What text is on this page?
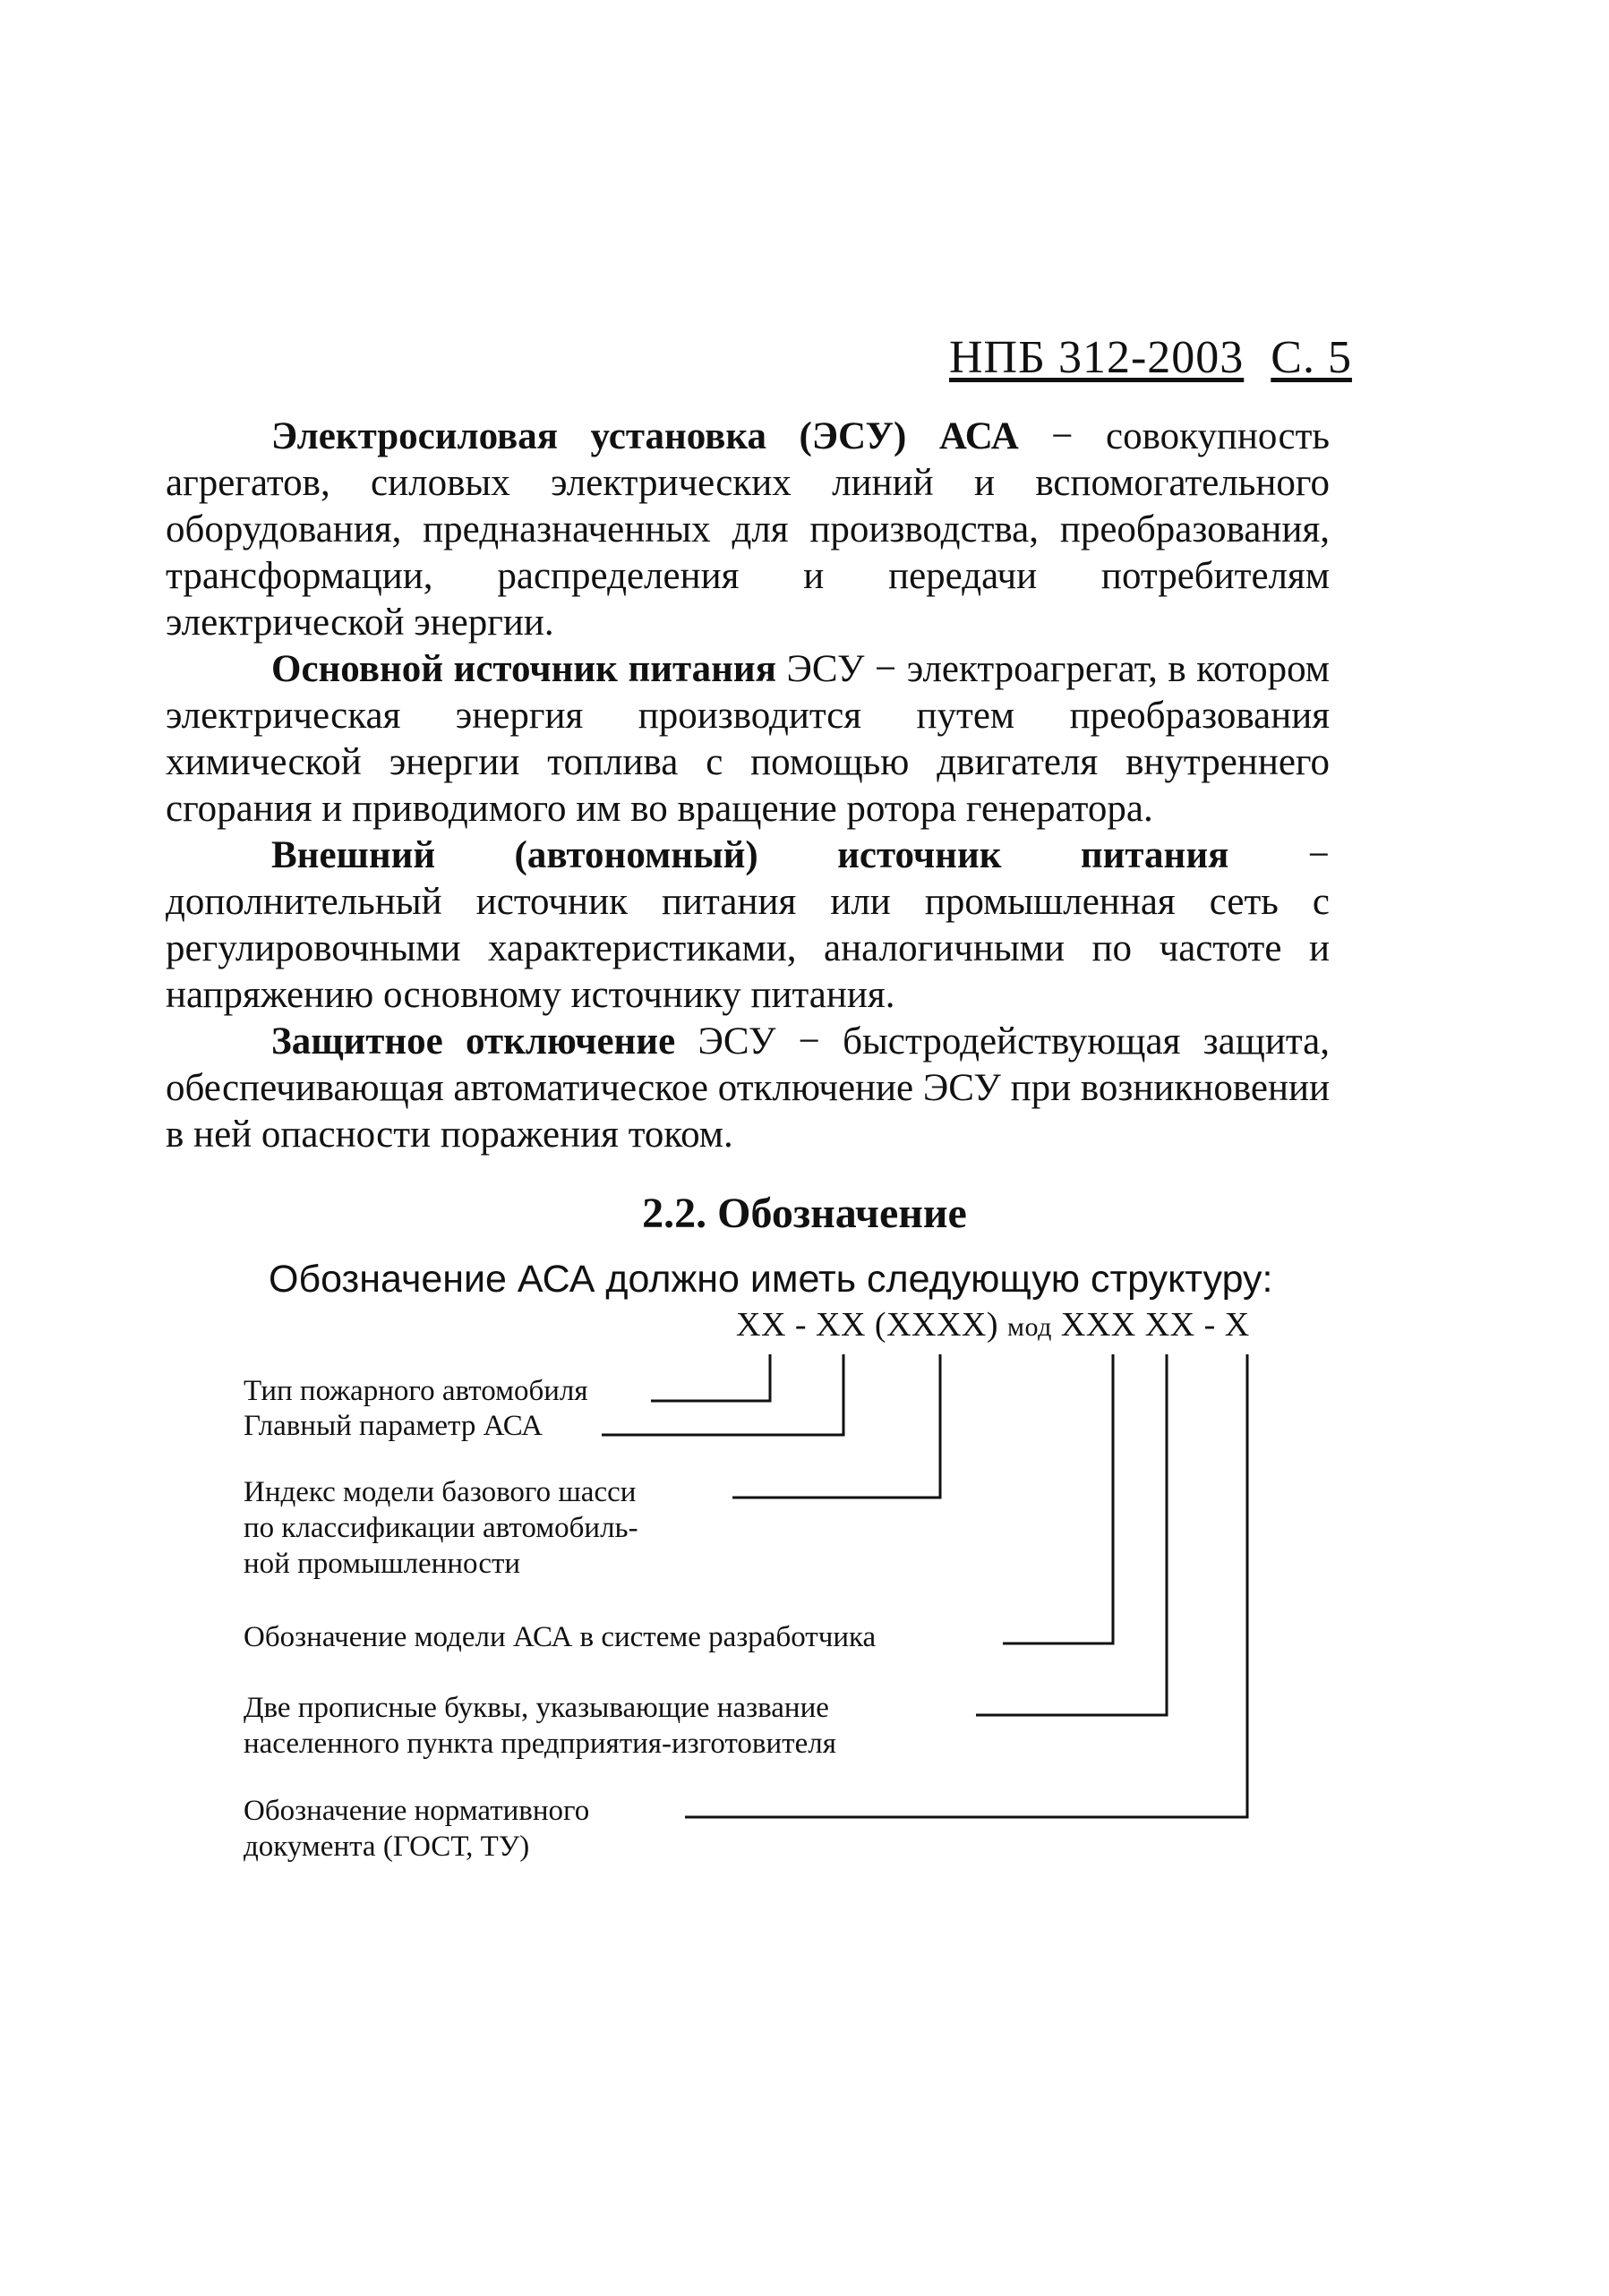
НПБ 312-2003 С. 5

Электросиловая установка (ЭСУ) АСА − совокупность агрегатов, силовых электрических линий и вспомогательного оборудования, предназначенных для производства, преобразования, трансформации, распределения и передачи потребителям электрической энергии.

Основной источник питания ЭСУ − электроагрегат, в котором электрическая энергия производится путем преобразования химической энергии топлива с помощью двигателя внутреннего сгорания и приводимого им во вращение ротора генератора.

Внешний (автономный) источник питания − дополнительный источник питания или промышленная сеть с регулировочными характеристиками, аналогичными по частоте и напряжению основному источнику питания.

Защитное отключение ЭСУ − быстродействующая защита, обеспечивающая автоматическое отключение ЭСУ при возникновении в ней опасности поражения током.

2.2. Обозначение
Обозначение АСА должно иметь следующую структуру:
XX - XX (XXXX) мод XXX XX - X
Тип пожарного автомобиля
Главный параметр АСА
Индекс модели базового шасси
по классификации автомобиль-
ной промышленности
Обозначение модели АСА в системе разработчика
Две прописные буквы, указывающие название
населенного пункта предприятия-изготовителя
Обозначение нормативного
документа (ГОСТ, ТУ)
